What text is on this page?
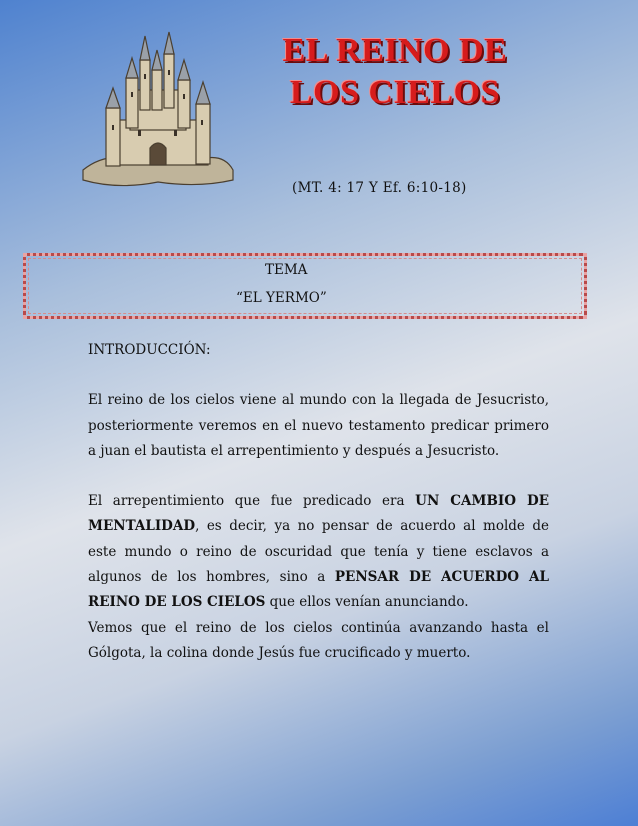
EL REINO DE
LOS CIELOS
(MT. 4: 17 Y Ef. 6:10-18)
TEMA
“EL YERMO”

INTRODUCCIÓN:

El reino de los cielos viene al mundo con la llegada de Jesucristo, posteriormente veremos en el nuevo testamento predicar primero a juan el bautista el arrepentimiento y después a Jesucristo.

El arrepentimiento que fue predicado era UN CAMBIO DE MENTALIDAD, es decir, ya no pensar de acuerdo al molde de este mundo o reino de oscuridad que tenía y tiene esclavos a algunos de los hombres, sino a PENSAR DE ACUERDO AL REINO DE LOS CIELOS que ellos venían anunciando.

Vemos que el reino de los cielos continúa avanzando hasta el Gólgota, la colina donde Jesús fue crucificado y muerto.
